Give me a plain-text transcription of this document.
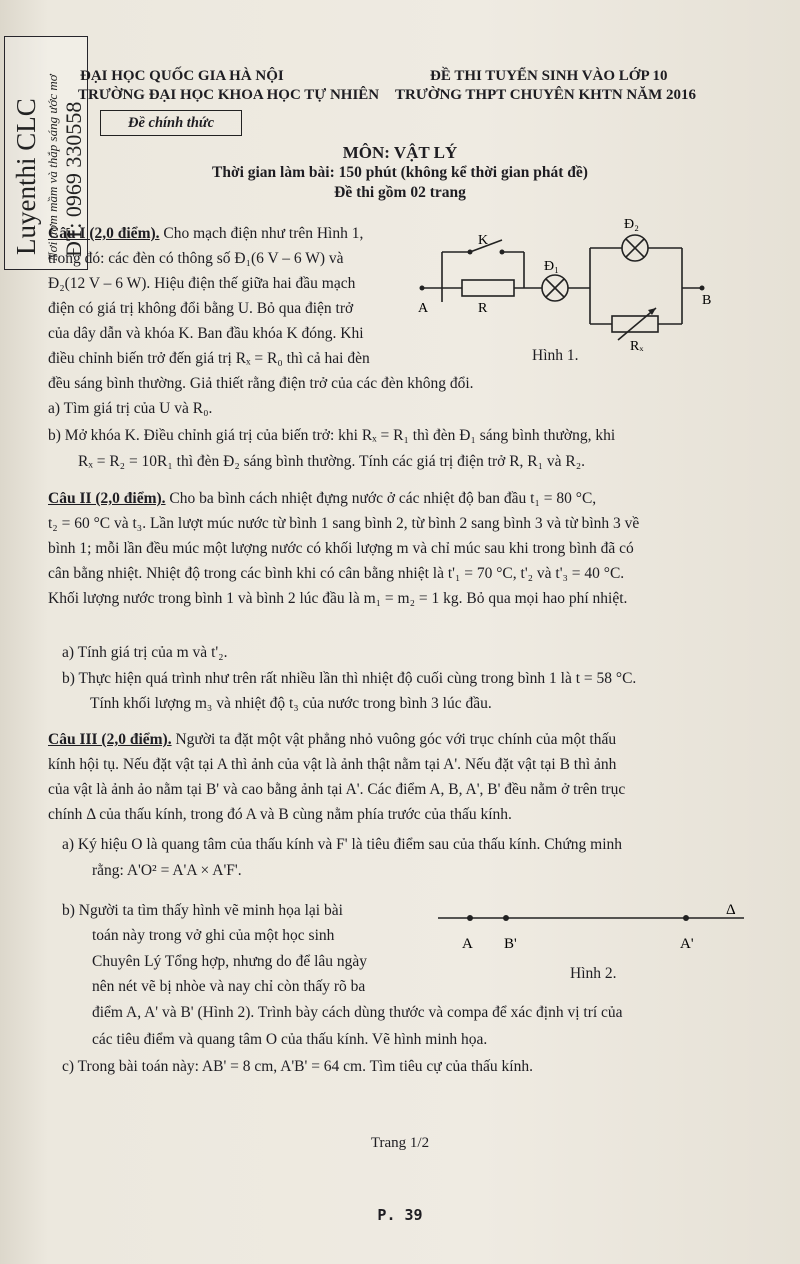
Luyenthi CLC Nơi ươm mầm và thắp sáng ước mơ ĐT: 0969 330558
ĐẠI HỌC QUỐC GIA HÀ NỘI
TRƯỜNG ĐẠI HỌC KHOA HỌC TỰ NHIÊN
Đề chính thức
ĐỀ THI TUYỂN SINH VÀO LỚP 10
TRƯỜNG THPT CHUYÊN KHTN NĂM 2016
MÔN: VẬT LÝ
Thời gian làm bài: 150 phút (không kể thời gian phát đề)
Đề thi gồm 02 trang

Câu I (2,0 điểm). Cho mạch điện như trên Hình 1,

trong đó: các đèn có thông số Đ₁(6 V – 6 W) và

Đ₂(12 V – 6 W). Hiệu điện thế giữa hai đầu mạch

điện có giá trị không đổi bằng U. Bỏ qua điện trở

của dây dẫn và khóa K. Ban đầu khóa K đóng. Khi

điều chỉnh biến trở đến giá trị Rₓ = R₀ thì cả hai đèn

đều sáng bình thường. Giả thiết rằng điện trở của các đèn không đổi.
K
Đ₁
Đ₂
A
B
R
Rₓ
Hình 1.
a) Tìm giá trị của U và R₀.
b) Mở khóa K. Điều chỉnh giá trị của biến trở: khi Rₓ = R₁ thì đèn Đ₁ sáng bình thường, khi
Rₓ = R₂ = 10R₁ thì đèn Đ₂ sáng bình thường. Tính các giá trị điện trở R, R₁ và R₂.

Câu II (2,0 điểm). Cho ba bình cách nhiệt đựng nước ở các nhiệt độ ban đầu t₁ = 80 °C,

t₂ = 60 °C và t₃. Lần lượt múc nước từ bình 1 sang bình 2, từ bình 2 sang bình 3 và từ bình 3 về

bình 1; mỗi lần đều múc một lượng nước có khối lượng m và chỉ múc sau khi trong bình đã có

cân bằng nhiệt. Nhiệt độ trong các bình khi có cân bằng nhiệt là t'₁ = 70 °C, t'₂ và t'₃ = 40 °C.

Khối lượng nước trong bình 1 và bình 2 lúc đầu là m₁ = m₂ = 1 kg. Bỏ qua mọi hao phí nhiệt.

a) Tính giá trị của m và t'₂.
b) Thực hiện quá trình như trên rất nhiều lần thì nhiệt độ cuối cùng trong bình 1 là t = 58 °C.
Tính khối lượng m₃ và nhiệt độ t₃ của nước trong bình 3 lúc đầu.

Câu III (2,0 điểm). Người ta đặt một vật phẳng nhỏ vuông góc với trục chính của một thấu

kính hội tụ. Nếu đặt vật tại A thì ảnh của vật là ảnh thật nằm tại A'. Nếu đặt vật tại B thì ảnh

của vật là ảnh ảo nằm tại B' và cao bằng ảnh tại A'. Các điểm A, B, A', B' đều nằm ở trên trục

chính Δ của thấu kính, trong đó A và B cùng nằm phía trước của thấu kính.

a) Ký hiệu O là quang tâm của thấu kính và F' là tiêu điểm sau của thấu kính. Chứng minh
rằng: A'O² = A'A × A'F'.
b) Người ta tìm thấy hình vẽ minh họa lại bài
toán này trong vở ghi của một học sinh
Chuyên Lý Tổng hợp, nhưng do để lâu ngày
nên nét vẽ bị nhòe và nay chỉ còn thấy rõ ba
A B'	A'
Δ
Hình 2.
điểm A, A' và B' (Hình 2). Trình bày cách dùng thước và compa để xác định vị trí của
các tiêu điểm và quang tâm O của thấu kính. Vẽ hình minh họa.
c) Trong bài toán này: AB' = 8 cm, A'B' = 64 cm. Tìm tiêu cự của thấu kính.
Trang 1/2
P. 39
